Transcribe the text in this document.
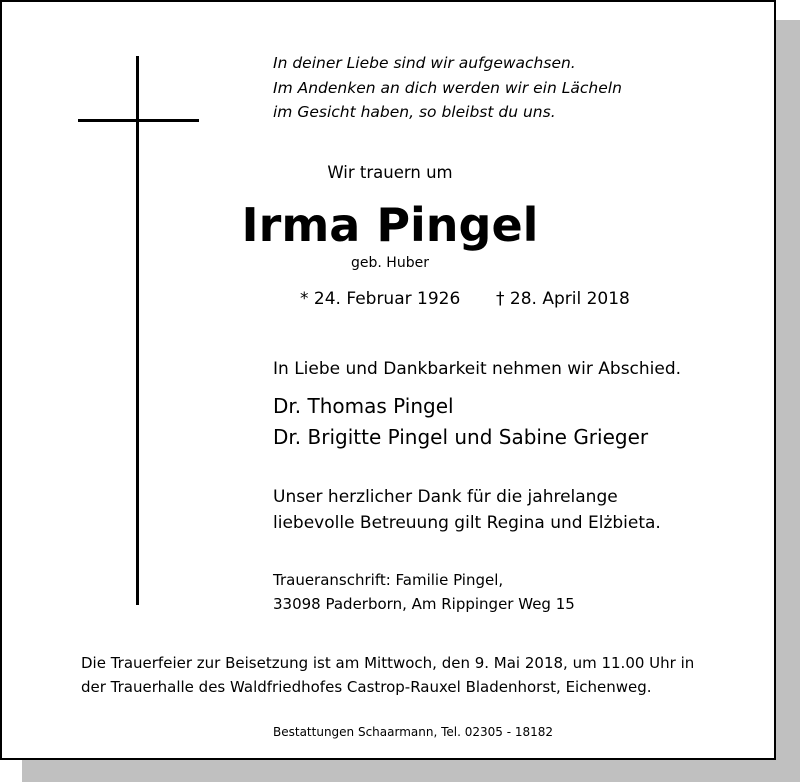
In deiner Liebe sind wir aufgewachsen.
Im Andenken an dich werden wir ein Lächeln
im Gesicht haben, so bleibst du uns.
Wir trauern um
Irma Pingel
geb. Huber
* 24. Februar 1926 † 28. April 2018
In Liebe und Dankbarkeit nehmen wir Abschied.
Dr. Thomas Pingel
Dr. Brigitte Pingel und Sabine Grieger
Unser herzlicher Dank für die jahrelange
liebevolle Betreuung gilt Regina und Elżbieta.
Traueranschrift: Familie Pingel,
33098 Paderborn, Am Rippinger Weg 15
Die Trauerfeier zur Beisetzung ist am Mittwoch, den 9. Mai 2018, um 11.00 Uhr in
der Trauerhalle des Waldfriedhofes Castrop-Rauxel Bladenhorst, Eichenweg.
Bestattungen Schaarmann, Tel. 02305 - 18182
